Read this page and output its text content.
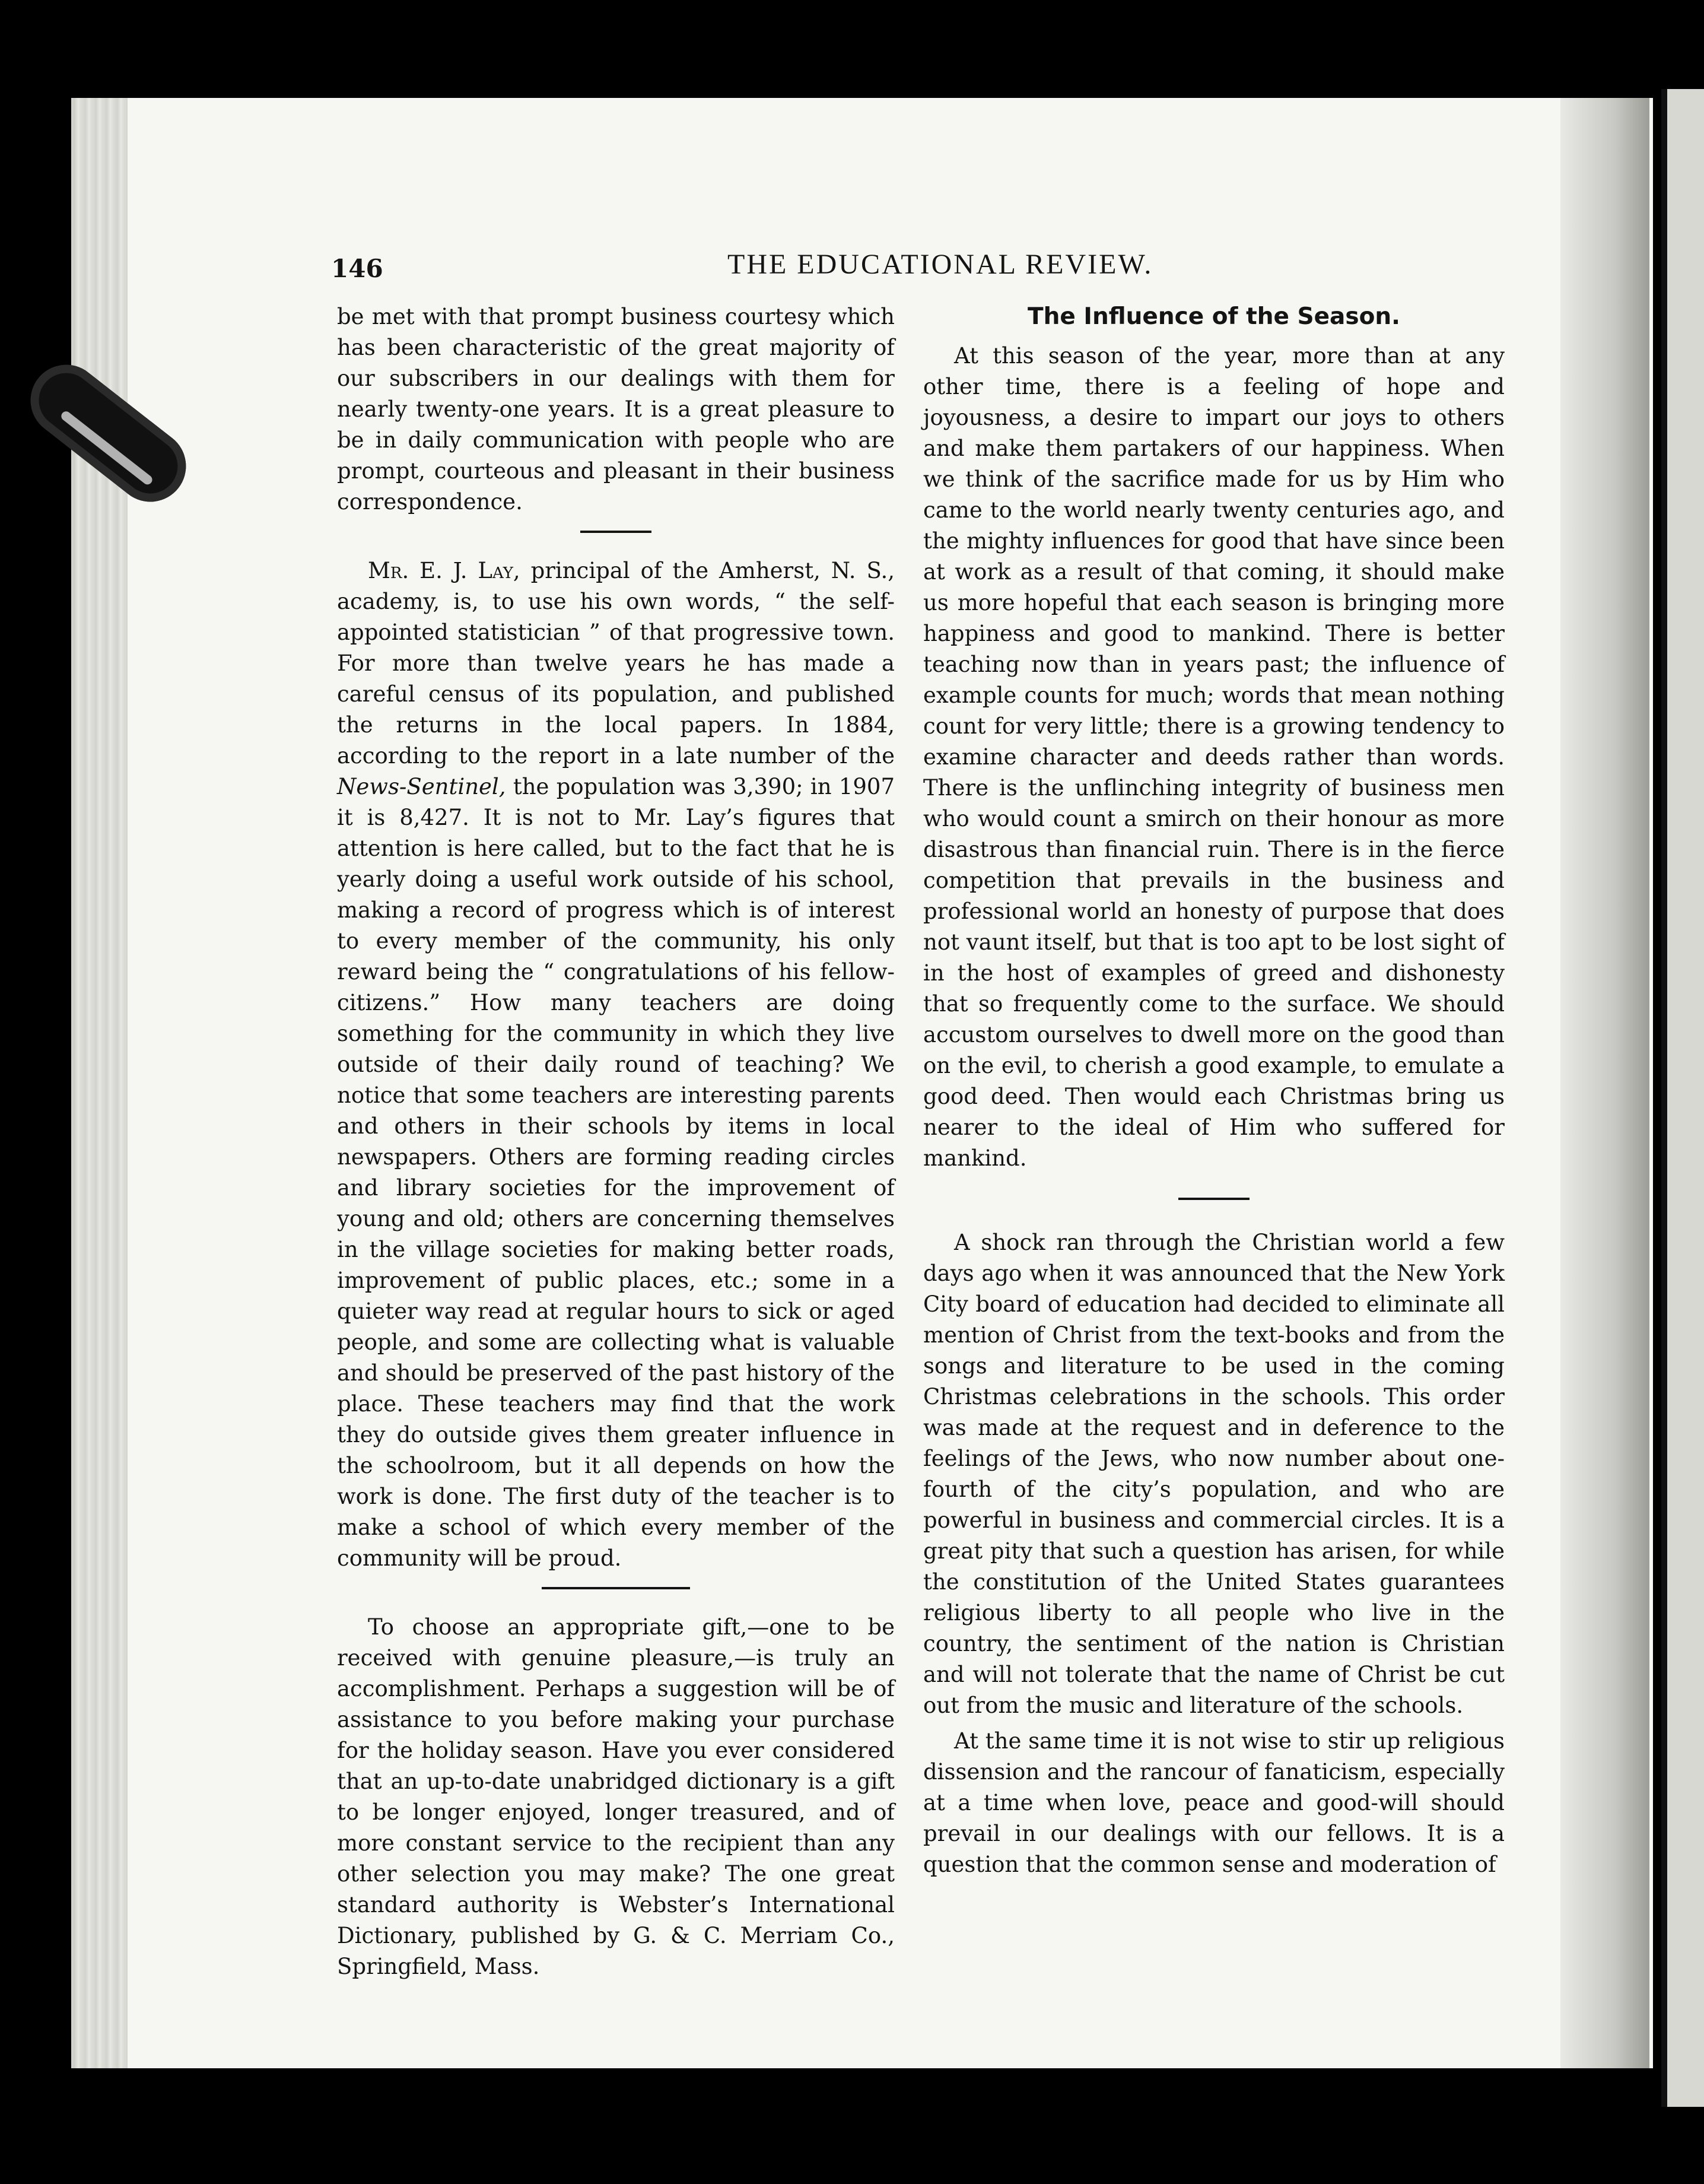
146	THE EDUCATIONAL REVIEW.

be met with that prompt business courtesy which has been characteristic of the great majority of our subscribers in our dealings with them for nearly twenty-one years. It is a great pleasure to be in daily communication with people who are prompt, courteous and pleasant in their business correspondence.

Mr. E. J. Lay, principal of the Amherst, N. S., academy, is, to use his own words, “ the self-appointed statistician ” of that progressive town. For more than twelve years he has made a careful census of its population, and published the returns in the local papers. In 1884, according to the report in a late number of the News-Sentinel, the population was 3,390; in 1907 it is 8,427. It is not to Mr. Lay’s figures that attention is here called, but to the fact that he is yearly doing a useful work outside of his school, making a record of progress which is of interest to every member of the community, his only reward being the “ congratulations of his fellow-citizens.” How many teachers are doing something for the community in which they live outside of their daily round of teaching? We notice that some teachers are interesting parents and others in their schools by items in local newspapers. Others are forming reading circles and library societies for the improvement of young and old; others are concerning themselves in the village societies for making better roads, improvement of public places, etc.; some in a quieter way read at regular hours to sick or aged people, and some are collecting what is valuable and should be preserved of the past history of the place. These teachers may find that the work they do outside gives them greater influence in the schoolroom, but it all depends on how the work is done. The first duty of the teacher is to make a school of which every member of the community will be proud.

To choose an appropriate gift,—one to be received with genuine pleasure,—is truly an accomplishment. Perhaps a suggestion will be of assistance to you before making your purchase for the holiday season. Have you ever considered that an up-to-date unabridged dictionary is a gift to be longer enjoyed, longer treasured, and of more constant service to the recipient than any other selection you may make? The one great standard authority is Webster’s International Dictionary, published by G. & C. Merriam Co., Springfield, Mass.

The Influence of the Season.

At this season of the year, more than at any other time, there is a feeling of hope and joyousness, a desire to impart our joys to others and make them partakers of our happiness. When we think of the sacrifice made for us by Him who came to the world nearly twenty centuries ago, and the mighty influences for good that have since been at work as a result of that coming, it should make us more hopeful that each season is bringing more happiness and good to mankind. There is better teaching now than in years past; the influence of example counts for much; words that mean nothing count for very little; there is a growing tendency to examine character and deeds rather than words. There is the unflinching integrity of business men who would count a smirch on their honour as more disastrous than financial ruin. There is in the fierce competition that prevails in the business and professional world an honesty of purpose that does not vaunt itself, but that is too apt to be lost sight of in the host of examples of greed and dishonesty that so frequently come to the surface. We should accustom ourselves to dwell more on the good than on the evil, to cherish a good example, to emulate a good deed. Then would each Christmas bring us nearer to the ideal of Him who suffered for mankind.

A shock ran through the Christian world a few days ago when it was announced that the New York City board of education had decided to eliminate all mention of Christ from the text-books and from the songs and literature to be used in the coming Christmas celebrations in the schools. This order was made at the request and in deference to the feelings of the Jews, who now number about one-fourth of the city’s population, and who are powerful in business and commercial circles. It is a great pity that such a question has arisen, for while the constitution of the United States guarantees religious liberty to all people who live in the country, the sentiment of the nation is Christian and will not tolerate that the name of Christ be cut out from the music and literature of the schools.

At the same time it is not wise to stir up religious dissension and the rancour of fanaticism, especially at a time when love, peace and good-will should prevail in our dealings with our fellows. It is a question that the common sense and moderation of
